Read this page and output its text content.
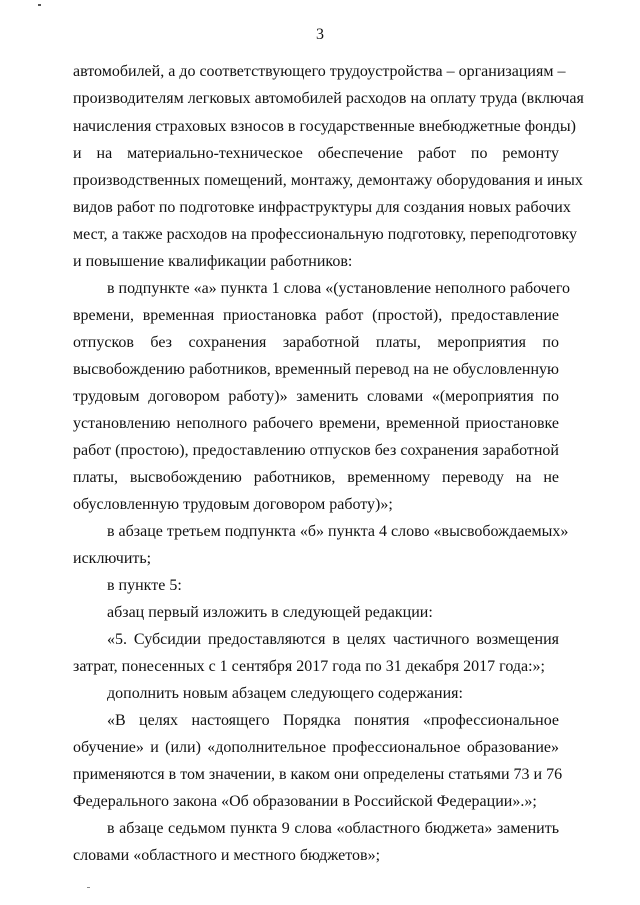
3
автомобилей, а до соответствующего трудоустройства – организациям –
производителям легковых автомобилей расходов на оплату труда (включая
начисления страховых взносов в государственные внебюджетные фонды)
и на материально-техническое обеспечение работ по ремонту
производственных помещений, монтажу, демонтажу оборудования и иных
видов работ по подготовке инфраструктуры для создания новых рабочих
мест, а также расходов на профессиональную подготовку, переподготовку
и повышение квалификации работников:
в подпункте «а» пункта 1 слова «(установление неполного рабочего
времени, временная приостановка работ (простой), предоставление
отпусков без сохранения заработной платы, мероприятия по
высвобождению работников, временный перевод на не обусловленную
трудовым договором работу)» заменить словами «(мероприятия по
установлению неполного рабочего времени, временной приостановке
работ (простою), предоставлению отпусков без сохранения заработной
платы, высвобождению работников, временному переводу на не
обусловленную трудовым договором работу)»;
в абзаце третьем подпункта «б» пункта 4 слово «высвобождаемых»
исключить;
в пункте 5:
абзац первый изложить в следующей редакции:
«5. Субсидии предоставляются в целях частичного возмещения
затрат, понесенных с 1 сентября 2017 года по 31 декабря 2017 года:»;
дополнить новым абзацем следующего содержания:
«В целях настоящего Порядка понятия «профессиональное
обучение» и (или) «дополнительное профессиональное образование»
применяются в том значении, в каком они определены статьями 73 и 76
Федерального закона «Об образовании в Российской Федерации».»;
в абзаце седьмом пункта 9 слова «областного бюджета» заменить
словами «областного и местного бюджетов»;
